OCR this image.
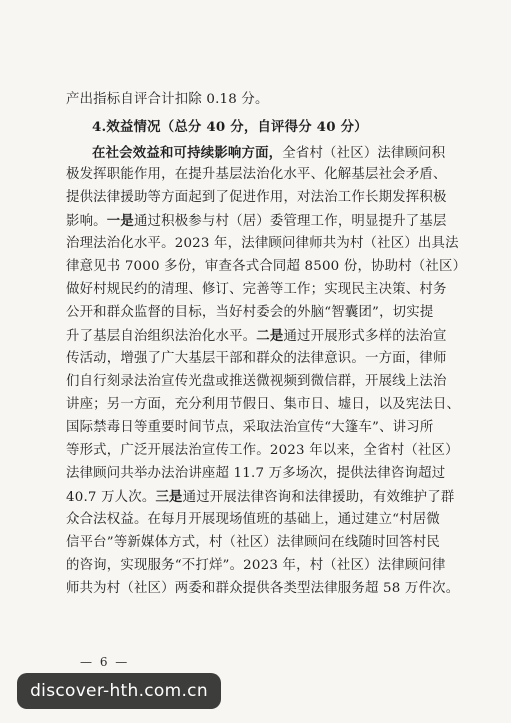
产出指标自评合计扣除 0.18 分。
4.效益情况（总分 40 分，自评得分 40 分）
在社会效益和可持续影响方面，全省村（社区）法律顾问积
极发挥职能作用，在提升基层法治化水平、化解基层社会矛盾、
提供法律援助等方面起到了促进作用，对法治工作长期发挥积极
影响。一是通过积极参与村（居）委管理工作，明显提升了基层
治理法治化水平。2023 年，法律顾问律师共为村（社区）出具法
律意见书 7000 多份，审查各式合同超 8500 份，协助村（社区）
做好村规民约的清理、修订、完善等工作；实现民主决策、村务
公开和群众监督的目标，当好村委会的外脑“智囊团”，切实提
升了基层自治组织法治化水平。二是通过开展形式多样的法治宣
传活动，增强了广大基层干部和群众的法律意识。一方面，律师
们自行刻录法治宣传光盘或推送微视频到微信群，开展线上法治
讲座；另一方面，充分利用节假日、集市日、墟日，以及宪法日、
国际禁毒日等重要时间节点，采取法治宣传“大篷车”、讲习所
等形式，广泛开展法治宣传工作。2023 年以来，全省村（社区）
法律顾问共举办法治讲座超 11.7 万多场次，提供法律咨询超过
40.7 万人次。三是通过开展法律咨询和法律援助，有效维护了群
众合法权益。在每月开展现场值班的基础上，通过建立“村居微
信平台”等新媒体方式，村（社区）法律顾问在线随时回答村民
的咨询，实现服务“不打烊”。2023 年，村（社区）法律顾问律
师共为村（社区）两委和群众提供各类型法律服务超 58 万件次。
— 6 —
discover-hth.com.cn
